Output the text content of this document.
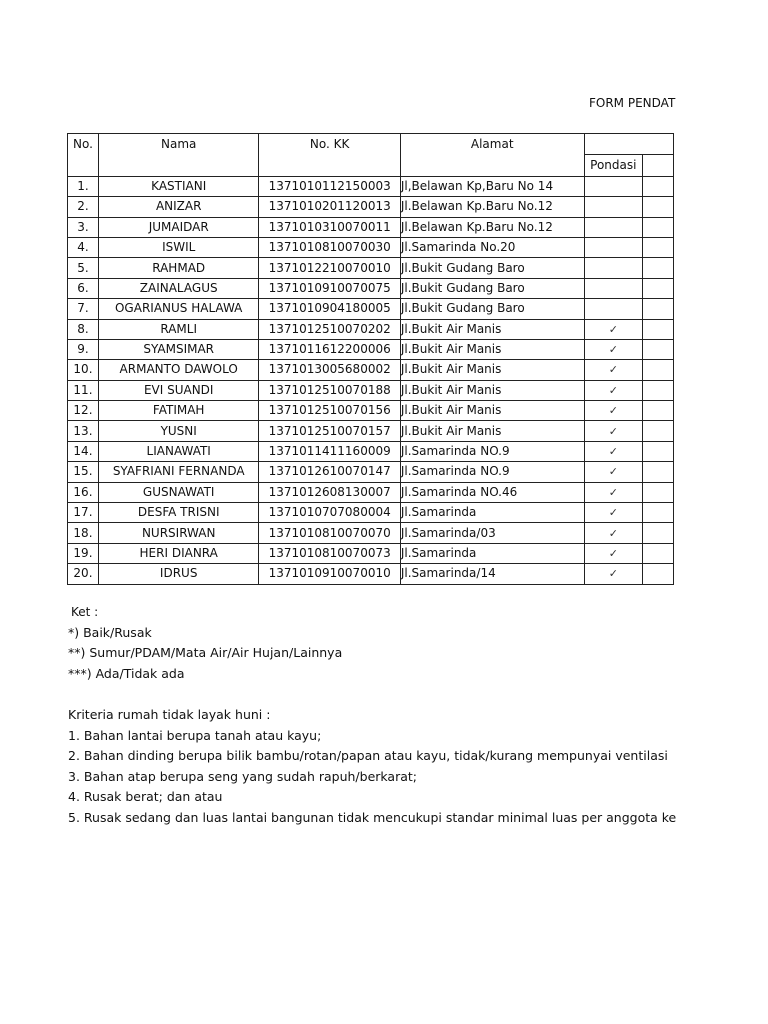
FORM PENDAT
No.	Nama	No. KK	Alamat		
				Pondasi	
1.	KASTIANI	1371010112150003	Jl,Belawan Kp,Baru No 14		
2.	ANIZAR	1371010201120013	Jl.Belawan Kp.Baru No.12		
3.	JUMAIDAR	1371010310070011	Jl.Belawan Kp.Baru No.12		
4.	ISWIL	1371010810070030	Jl.Samarinda No.20		
5.	RAHMAD	1371012210070010	Jl.Bukit Gudang Baro		
6.	ZAINALAGUS	1371010910070075	Jl.Bukit Gudang Baro		
7.	OGARIANUS HALAWA	1371010904180005	Jl.Bukit Gudang Baro		
8.	RAMLI	1371012510070202	Jl.Bukit Air Manis	✓	
9.	SYAMSIMAR	1371011612200006	Jl.Bukit Air Manis	✓	
10.	ARMANTO DAWOLO	1371013005680002	Jl.Bukit Air Manis	✓	
11.	EVI SUANDI	1371012510070188	Jl.Bukit Air Manis	✓	
12.	FATIMAH	1371012510070156	Jl.Bukit Air Manis	✓	
13.	YUSNI	1371012510070157	Jl.Bukit Air Manis	✓	
14.	LIANAWATI	1371011411160009	Jl.Samarinda NO.9	✓	
15.	SYAFRIANI FERNANDA	1371012610070147	Jl.Samarinda NO.9	✓	
16.	GUSNAWATI	1371012608130007	Jl.Samarinda NO.46	✓	
17.	DESFA TRISNI	1371010707080004	Jl.Samarinda	✓	
18.	NURSIRWAN	1371010810070070	Jl.Samarinda/03	✓	
19.	HERI DIANRA	1371010810070073	Jl.Samarinda	✓	
20.	IDRUS	1371010910070010	Jl.Samarinda/14	✓	
Ket :
*) Baik/Rusak
**) Sumur/PDAM/Mata Air/Air Hujan/Lainnya
***) Ada/Tidak ada
Kriteria rumah tidak layak huni :
1. Bahan lantai berupa tanah atau kayu;
2. Bahan dinding berupa bilik bambu/rotan/papan atau kayu, tidak/kurang mempunyai ventilasi
3. Bahan atap berupa seng yang sudah rapuh/berkarat;
4. Rusak berat; dan atau
5. Rusak sedang dan luas lantai bangunan tidak mencukupi standar minimal luas per anggota ke
